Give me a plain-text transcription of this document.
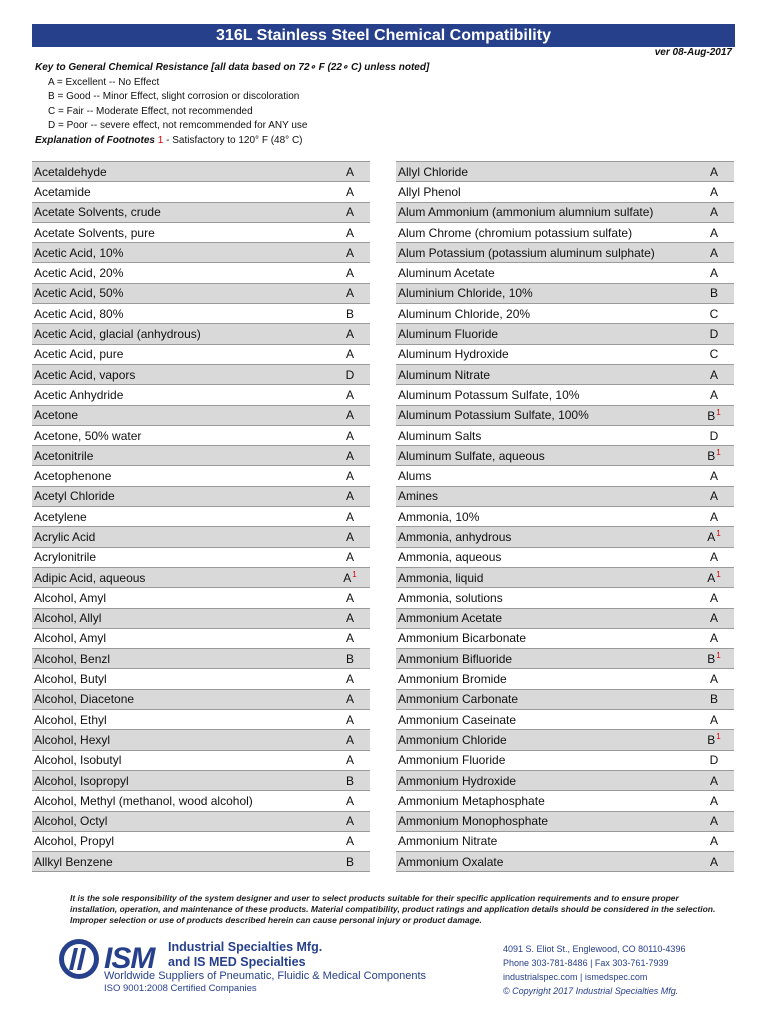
316L Stainless Steel Chemical Compatibility
ver 08-Aug-2017
Key to General Chemical Resistance [all data based on 72∘ F (22∘ C) unless noted]
A = Excellent -- No Effect
B = Good -- Minor Effect, slight corrosion or discoloration
C = Fair -- Moderate Effect, not recommended
D = Poor -- severe effect, not remcommended for ANY use
Explanation of Footnotes 1 - Satisfactory to 120° F (48° C)
Acetaldehyde	A
Acetamide	A
Acetate Solvents, crude	A
Acetate Solvents, pure	A
Acetic Acid, 10%	A
Acetic Acid, 20%	A
Acetic Acid, 50%	A
Acetic Acid, 80%	B
Acetic Acid, glacial (anhydrous)	A
Acetic Acid, pure	A
Acetic Acid, vapors	D
Acetic Anhydride	A
Acetone	A
Acetone, 50% water	A
Acetonitrile	A
Acetophenone	A
Acetyl Chloride	A
Acetylene	A
Acrylic Acid	A
Acrylonitrile	A
Adipic Acid, aqueous	$A^1$
Alcohol, Amyl	A
Alcohol, Allyl	A
Alcohol, Amyl	A
Alcohol, Benzl	B
Alcohol, Butyl	A
Alcohol, Diacetone	A
Alcohol, Ethyl	A
Alcohol, Hexyl	A
Alcohol, Isobutyl	A
Alcohol, Isopropyl	B
Alcohol, Methyl (methanol, wood alcohol)	A
Alcohol, Octyl	A
Alcohol, Propyl	A
Allkyl Benzene	B
Allyl Chloride	A
Allyl Phenol	A
Alum Ammonium (ammonium alumnium sulfate)	A
Alum Chrome (chromium potassium sulfate)	A
Alum Potassium (potassium aluminum sulphate)	A
Aluminum Acetate	A
Aluminium Chloride, 10%	B
Aluminum Chloride, 20%	C
Aluminum Fluoride	D
Aluminum Hydroxide	C
Aluminum Nitrate	A
Aluminum Potassum Sulfate, 10%	A
Aluminum Potassium Sulfate, 100%	$B^1$
Aluminum Salts	D
Aluminum Sulfate, aqueous	$B^1$
Alums	A
Amines	A
Ammonia, 10%	A
Ammonia, anhydrous	$A^1$
Ammonia, aqueous	A
Ammonia, liquid	$A^1$
Ammonia, solutions	A
Ammonium Acetate	A
Ammonium Bicarbonate	A
Ammonium Bifluoride	$B^1$
Ammonium Bromide	A
Ammonium Carbonate	B
Ammonium Caseinate	A
Ammonium Chloride	$B^1$
Ammonium Fluoride	D
Ammonium Hydroxide	A
Ammonium Metaphosphate	A
Ammonium Monophosphate	A
Ammonium Nitrate	A
Ammonium Oxalate	A
It is the sole responsibility of the system designer and user to select products suitable for their specific application requirements and to ensure proper installation, operation, and maintenance of these products. Material compatibility, product ratings and application details should be considered in the selection. Improper selection or use of products described herein can cause personal injury or product damage.
ISM Industrial Specialties Mfg.
and IS MED Specialties
Worldwide Suppliers of Pneumatic, Fluidic & Medical Components
ISO 9001:2008 Certified Companies
4091 S. Eliot St., Englewood, CO 80110-4396
Phone 303-781-8486 | Fax 303-761-7939
industrialspec.com | ismedspec.com
© Copyright 2017 Industrial Specialties Mfg.
